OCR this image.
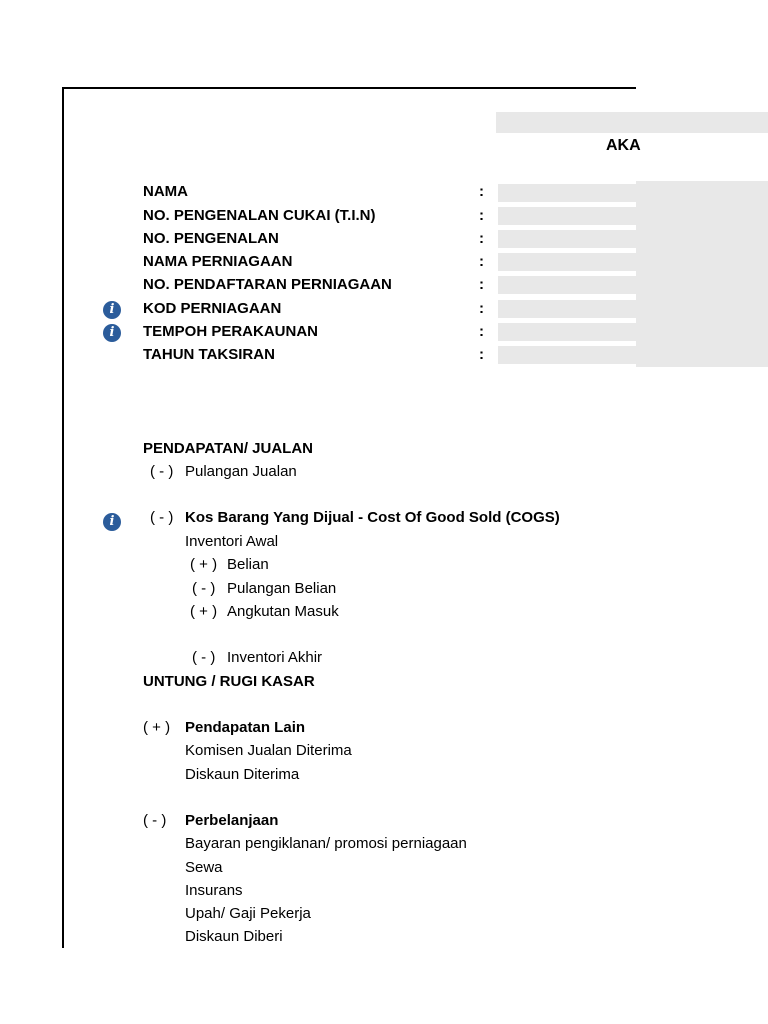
AKA
NAMA	:
NO. PENGENALAN CUKAI (T.I.N)	:
NO. PENGENALAN	:
NAMA PERNIAGAAN	:
NO. PENDAFTARAN PERNIAGAAN	:
i	KOD PERNIAGAAN	:
i	TEMPOH PERAKAUNAN	:
TAHUN TAKSIRAN	:
PENDAPATAN/ JUALAN
( - ) Pulangan Jualan
i	( - ) Kos Barang Yang Dijual - Cost Of Good Sold (COGS)
Inventori Awal
( + ) Belian
( - ) Pulangan Belian
( + ) Angkutan Masuk
( - ) Inventori Akhir
UNTUNG / RUGI KASAR
( + ) Pendapatan Lain
Komisen Jualan Diterima
Diskaun Diterima
( - ) Perbelanjaan
Bayaran pengiklanan/ promosi perniagaan
Sewa
Insurans
Upah/ Gaji Pekerja
Diskaun Diberi
